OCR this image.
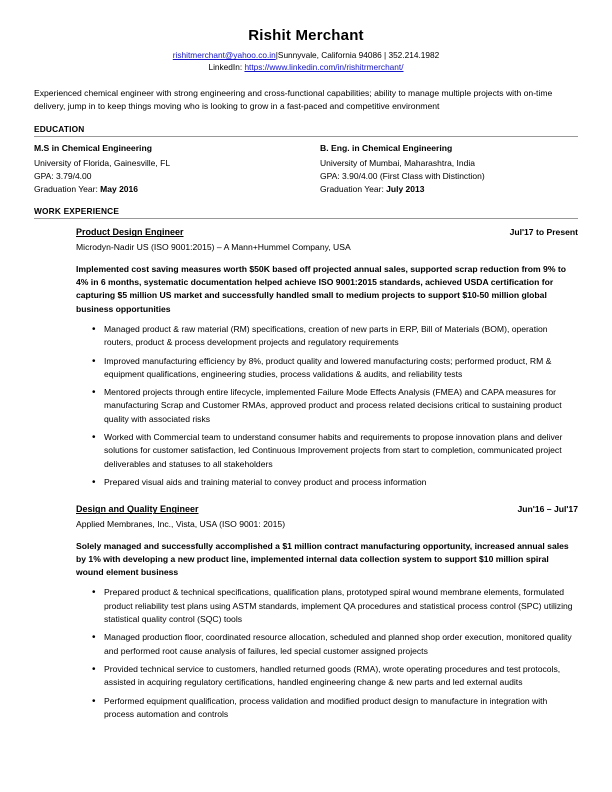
Rishit Merchant
rishitmerchant@yahoo.co.in|Sunnyvale, California 94086 | 352.214.1982
LinkedIn: https://www.linkedin.com/in/rishitrmerchant/
Experienced chemical engineer with strong engineering and cross-functional capabilities; ability to manage multiple projects with on-time delivery, jump in to keep things moving who is looking to grow in a fast-paced and competitive environment
EDUCATION
M.S in Chemical Engineering
University of Florida, Gainesville, FL
GPA: 3.79/4.00
Graduation Year: May 2016
B. Eng. in Chemical Engineering
University of Mumbai, Maharashtra, India
GPA: 3.90/4.00 (First Class with Distinction)
Graduation Year: July 2013
WORK EXPERIENCE
Product Design Engineer	Jul'17 to Present
Microdyn-Nadir US (ISO 9001:2015) – A Mann+Hummel Company, USA
Implemented cost saving measures worth $50K based off projected annual sales, supported scrap reduction from 9% to 4% in 6 months, systematic documentation helped achieve ISO 9001:2015 standards, achieved USDA certification for capturing $5 million US market and successfully handled small to medium projects to support $10-50 million global business opportunities
• Managed product & raw material (RM) specifications, creation of new parts in ERP, Bill of Materials (BOM), operation routers, product & process development projects and regulatory requirements
• Improved manufacturing efficiency by 8%, product quality and lowered manufacturing costs; performed product, RM & equipment qualifications, engineering studies, process validations & audits, and reliability tests
• Mentored projects through entire lifecycle, implemented Failure Mode Effects Analysis (FMEA) and CAPA measures for manufacturing Scrap and Customer RMAs, approved product and process related decisions critical to sustaining product quality with associated risks
• Worked with Commercial team to understand consumer habits and requirements to propose innovation plans and deliver solutions for customer satisfaction, led Continuous Improvement projects from start to completion, communicated project deliverables and statuses to all stakeholders
• Prepared visual aids and training material to convey product and process information
Design and Quality Engineer	Jun'16 – Jul'17
Applied Membranes, Inc., Vista, USA (ISO 9001: 2015)
Solely managed and successfully accomplished a $1 million contract manufacturing opportunity, increased annual sales by 1% with developing a new product line, implemented internal data collection system to support $10 million spiral wound element business
• Prepared product & technical specifications, qualification plans, prototyped spiral wound membrane elements, formulated product reliability test plans using ASTM standards, implement QA procedures and statistical process control (SPC) utilizing statistical quality control (SQC) tools
• Managed production floor, coordinated resource allocation, scheduled and planned shop order execution, monitored quality and performed root cause analysis of failures, led special customer assigned projects
• Provided technical service to customers, handled returned goods (RMA), wrote operating procedures and test protocols, assisted in acquiring regulatory certifications, handled engineering change & new parts and led external audits
• Performed equipment qualification, process validation and modified product design to manufacture in integration with process automation and controls
